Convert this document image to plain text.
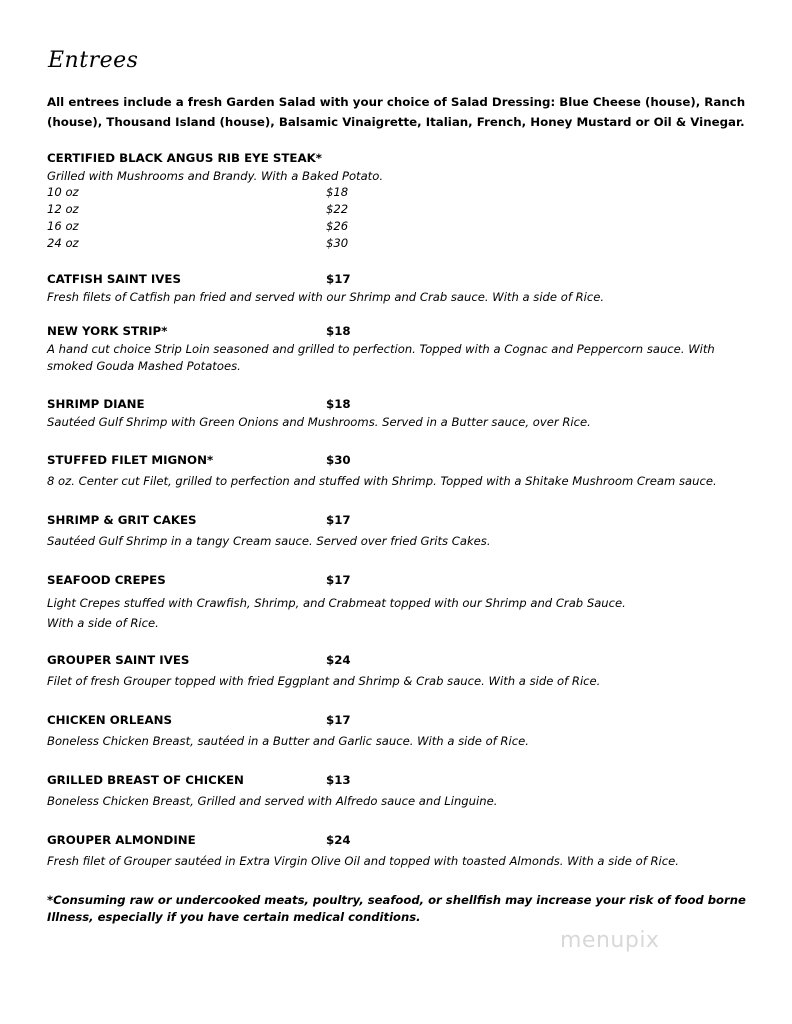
Entrees
All entrees include a fresh Garden Salad with your choice of Salad Dressing: Blue Cheese (house), Ranch (house), Thousand Island (house), Balsamic Vinaigrette, Italian, French, Honey Mustard or Oil & Vinegar.
CERTIFIED BLACK ANGUS RIB EYE STEAK*
Grilled with Mushrooms and Brandy. With a Baked Potato.
10 oz	$18
12 oz	$22
16 oz	$26
24 oz	$30
CATFISH SAINT IVES	$17
Fresh filets of Catfish pan fried and served with our Shrimp and Crab sauce. With a side of Rice.
NEW YORK STRIP*	$18
A hand cut choice Strip Loin seasoned and grilled to perfection. Topped with a Cognac and Peppercorn sauce. With
smoked Gouda Mashed Potatoes.
SHRIMP DIANE	$18
Sautéed Gulf Shrimp with Green Onions and Mushrooms. Served in a Butter sauce, over Rice.
STUFFED FILET MIGNON*	$30
8 oz. Center cut Filet, grilled to perfection and stuffed with Shrimp. Topped with a Shitake Mushroom Cream sauce.
SHRIMP & GRIT CAKES	$17
Sautéed Gulf Shrimp in a tangy Cream sauce. Served over fried Grits Cakes.
SEAFOOD CREPES	$17
Light Crepes stuffed with Crawfish, Shrimp, and Crabmeat topped with our Shrimp and Crab Sauce.
With a side of Rice.
GROUPER SAINT IVES	$24
Filet of fresh Grouper topped with fried Eggplant and Shrimp & Crab sauce. With a side of Rice.
CHICKEN ORLEANS	$17
Boneless Chicken Breast, sautéed in a Butter and Garlic sauce. With a side of Rice.
GRILLED BREAST OF CHICKEN	$13
Boneless Chicken Breast, Grilled and served with Alfredo sauce and Linguine.
GROUPER ALMONDINE	$24
Fresh filet of Grouper sautéed in Extra Virgin Olive Oil and topped with toasted Almonds. With a side of Rice.
*Consuming raw or undercooked meats, poultry, seafood, or shellfish may increase your risk of food borne Illness, especially if you have certain medical conditions.
menupix
